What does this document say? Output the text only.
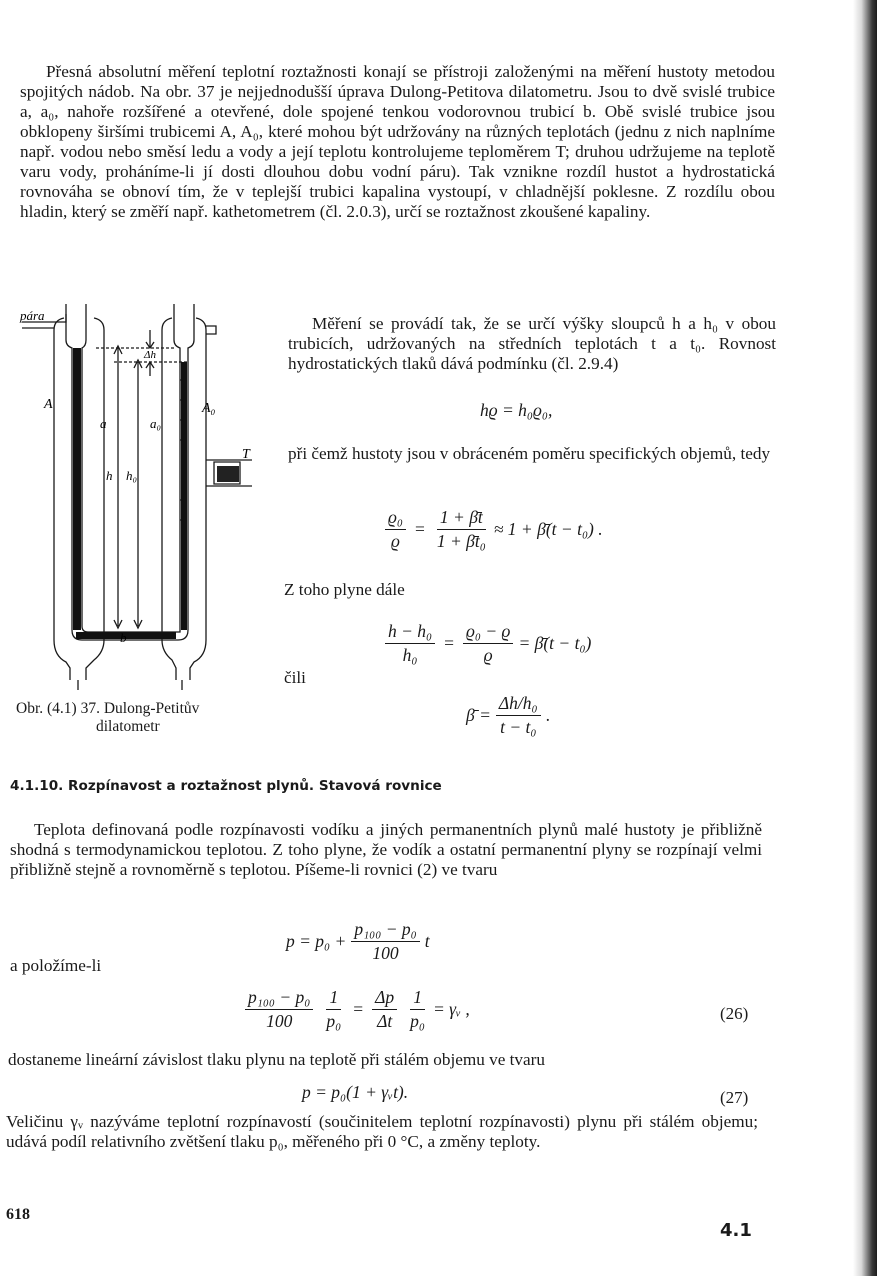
Přesná absolutní měření teplotní roztažnosti konají se přístroji založenými na měření hustoty metodou spojitých nádob. Na obr. 37 je nejjednodušší úprava Dulong-Petitova dilatometru. Jsou to dvě svislé trubice a, a₀, nahoře rozšířené a otevřené, dole spojené tenkou vodorovnou trubicí b. Obě svislé trubice jsou obklopeny širšími trubicemi A, A₀, které mohou být udržovány na různých teplotách (jednu z nich naplníme např. vodou nebo směsí ledu a vody a její teplotu kontrolujeme teploměrem T; druhou udržujeme na teplotě varu vody, proháníme-li jí dosti dlouhou dobu vodní páru). Tak vznikne rozdíl hustot a hydrostatická rovnováha se obnoví tím, že v teplejší trubici kapalina vystoupí, v chladnější poklesne. Z rozdílu obou hladin, který se změří např. kathetometrem (čl. 2.0.3), určí se roztažnost zkoušené kapaliny.

pára
A	A₀
a	a₀
h h₀
Δh
b
T
Obr. (4.1) 37. Dulong-Petitův
dilatometr

Měření se provádí tak, že se určí výšky sloupců h a h₀ v obou trubicích, udržovaných na středních teplotách t a t₀. Rovnost hydrostatických tlaků dává podmínku (čl. 2.9.4)

hϱ = h₀ϱ₀,

při čemž hustoty jsou v obráceném poměru specifických objemů, tedy

$\frac{\text{ϱ₀}}{ϱ} = \frac{1 + \betāt}{\text{1 + β̄t₀}} \approx 1$ + β̄(t − t₀) .

Z toho plyne dále

$\frac{\text{h − h₀}}{\text{h₀}} = \frac{\text{ϱ₀ − ϱ}}{ϱ}$ = β̄(t − t₀)

čili

β̄ = $\frac{\text{Δh/h₀}}{\text{t − t₀}}$ .
4.1.10. Rozpínavost a roztažnost plynů. Stavová rovnice

Teplota definovaná podle rozpínavosti vodíku a jiných permanentních plynů malé hustoty je přibližně shodná s termodynamickou teplotou. Z toho plyne, že vodík a ostatní permanentní plyny se rozpínají velmi přibližně stejně a rovnoměrně s teplotou. Píšeme-li rovnici (2) ve tvaru

$p = p_0 + \frac{\text{p₁₀₀ − p₀}}{100}$ t

a položíme-li

$\frac{\text{p₁₀₀ − p₀}}{100} \frac{1}{\text{p₀}} = \frac{\Delta p}{\Delta t} \frac{1}{\text{p₀}}$ = γᵥ ,	(26)

dostaneme lineární závislost tlaku plynu na teplotě při stálém objemu ve tvaru

p = p₀(1 + γᵥt).	(27)

Veličinu γᵥ nazýváme teplotní rozpínavostí (součinitelem teplotní rozpínavosti) plynu při stálém objemu; udává podíl relativního zvětšení tlaku p₀, měřeného při 0 °C, a změny teploty.

618
4.1
